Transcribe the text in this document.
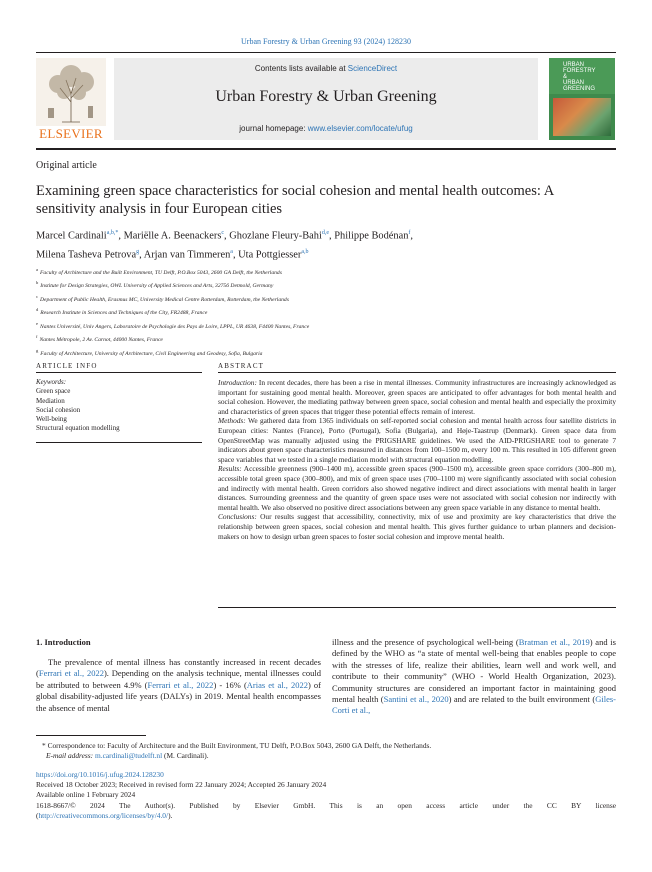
Urban Forestry & Urban Greening 93 (2024) 128230
ELSEVIER
Contents lists available at ScienceDirect
Urban Forestry & Urban Greening
journal homepage: www.elsevier.com/locate/ufug
URBAN
FORESTRY
&
URBAN
GREENING
Original article
Examining green space characteristics for social cohesion and mental health outcomes: A sensitivity analysis in four European cities
Marcel Cardinali$^{a,b,*}$, Mariëlle A. Beenackers$^c$, Ghozlane Fleury-Bahi$^{d,e}$, Philippe Bodénan$^f$,
Milena Tasheva Petrova$^g$, Arjan van Timmeren$^a$, Uta Pottgiesser$^{a,b}$
$^a$Faculty of Architecture and the Built Environment, TU Delft, P.O.Box 5043, 2600 GA Delft, the Netherlands
$^b$Institute for Design Strategies, OWL University of Applied Sciences and Arts, 32756 Detmold, Germany
$^c$Department of Public Health, Erasmus MC, University Medical Centre Rotterdam, Rotterdam, the Netherlands
$^d$Research Institute in Sciences and Techniques of the City, FR2488, France
$^e$Nantes Université, Univ Angers, Laboratoire de Psychologie des Pays de Loire, LPPL, UR 4638, F4400 Nantes, France
$^f$Nantes Métropole, 2 Av. Carnot, 44000 Nantes, France
$^g$Faculty of Architecture, University of Architecture, Civil Engineering and Geodesy, Sofia, Bulgaria
ARTICLE INFO
Keywords:
Green space
Mediation
Social cohesion
Well-being
Structural equation modelling
ABSTRACT

Introduction: In recent decades, there has been a rise in mental illnesses. Community infrastructures are increasingly acknowledged as important for sustaining good mental health. Moreover, green spaces are anticipated to offer advantages for both mental health and social cohesion. However, the mediating pathway between green space, social cohesion and mental health and especially the proximity and characteristics of green spaces that trigger these potential effects remain of interest.

Methods: We gathered data from 1365 individuals on self-reported social cohesion and mental health across four satellite districts in European cities: Nantes (France), Porto (Portugal), Sofia (Bulgaria), and Høje-Taastrup (Denmark). Green space data from OpenStreetMap was manually adjusted using the PRIGSHARE guidelines. We used the AID-PRIGSHARE tool to generate 7 indicators about green space characteristics measured in distances from 100–1500 m, every 100 m. This resulted in 105 different green space variables that we tested in a single mediation model with structural equation modelling.

Results: Accessible greenness (900–1400 m), accessible green spaces (900–1500 m), accessible green space corridors (300–800 m), accessible total green space (300–800), and mix of green space uses (700–1100 m) were significantly associated with social cohesion and indirectly with mental health. Green corridors also showed negative indirect and direct associations with mental health in larger distances. Surrounding greenness and the quantity of green space uses were not associated with social cohesion nor indirectly with mental health. We also observed no positive direct associations between any green space variable in any distance to mental health.

Conclusions: Our results suggest that accessibility, connectivity, mix of use and proximity are key characteristics that drive the relationship between green spaces, social cohesion and mental health. This gives further guidance to urban planners and decision-makers on how to design urban green spaces to foster social cohesion and improve mental health.

1. Introduction

The prevalence of mental illness has constantly increased in recent decades (Ferrari et al., 2022). Depending on the analysis technique, mental illnesses could be attributed to between 4.9% (Ferrari et al., 2022) - 16% (Arias et al., 2022) of global disability-adjusted life years (DALYs) in 2019. Mental health encompasses the absence of mental

illness and the presence of psychological well-being (Bratman et al., 2019) and is defined by the WHO as “a state of mental well-being that enables people to cope with the stresses of life, realize their abilities, learn well and work well, and contribute to their community” (WHO - World Health Organization, 2023). Community structures are considered an important factor in maintaining good mental health (Santini et al., 2020) and are related to the built environment (Giles-Corti et al.,
* Correspondence to: Faculty of Architecture and the Built Environment, TU Delft, P.O.Box 5043, 2600 GA Delft, the Netherlands.
E-mail address: m.cardinali@tudelft.nl (M. Cardinali).
https://doi.org/10.1016/j.ufug.2024.128230
Received 18 October 2023; Received in revised form 22 January 2024; Accepted 26 January 2024
Available online 1 February 2024
1618-8667/© 2024 The Author(s). Published by Elsevier GmbH. This is an open access article under the CC BY license
(http://creativecommons.org/licenses/by/4.0/).
